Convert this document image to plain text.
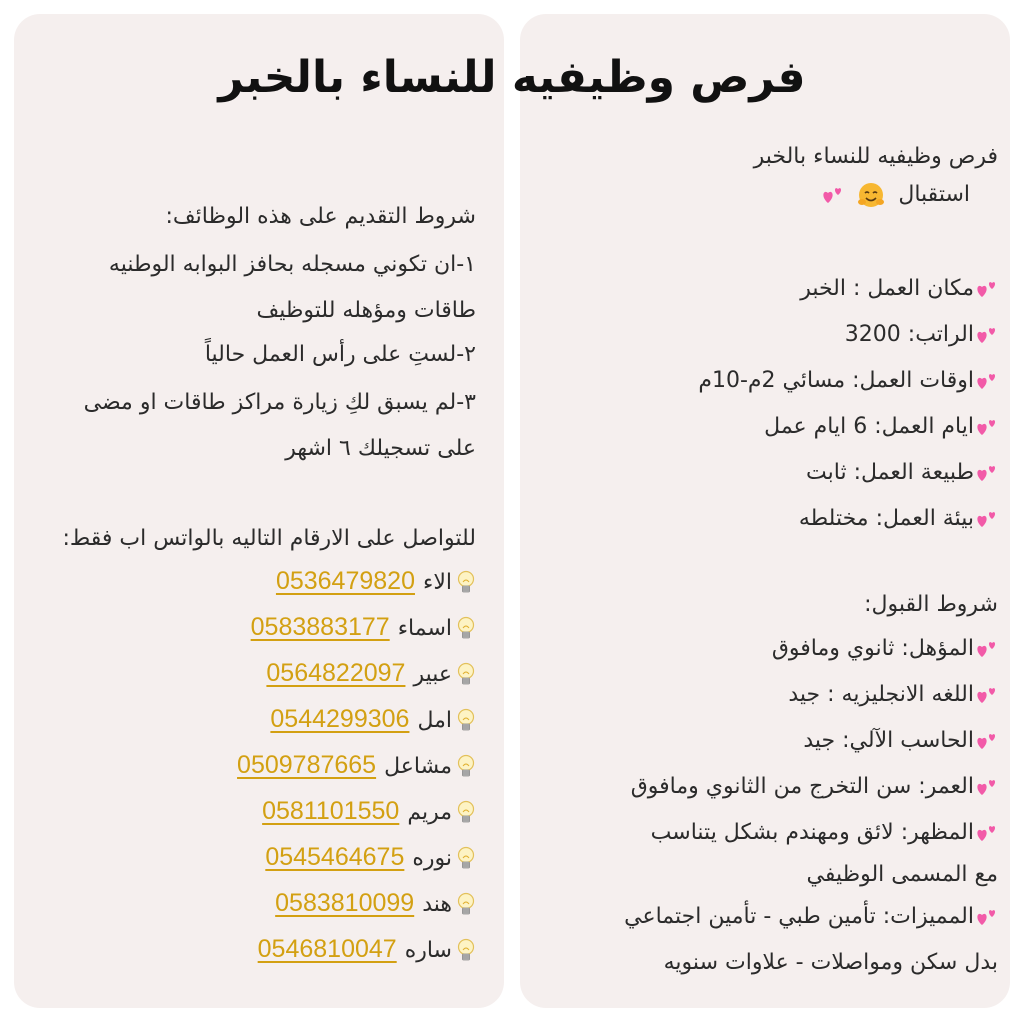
فرص وظيفيه للنساء بالخبر
فرص وظيفيه للنساء بالخبر
استقبال
مكان العمل : الخبر
الراتب: 3200
اوقات العمل: مسائي 2م-10م
ايام العمل: 6 ايام عمل
طبيعة العمل: ثابت
بيئة العمل: مختلطه
شروط القبول:
المؤهل: ثانوي ومافوق
اللغه الانجليزيه : جيد
الحاسب الآلي: جيد
العمر: سن التخرج من الثانوي ومافوق
المظهر: لائق ومهندم بشكل يتناسب
مع المسمى الوظيفي
المميزات: تأمين طبي - تأمين اجتماعي
بدل سكن ومواصلات - علاوات سنويه
شروط التقديم على هذه الوظائف:
١-ان تكوني مسجله بحافز البوابه الوطنيه
طاقات ومؤهله للتوظيف
٢-لستِ على رأس العمل حالياً
٣-لم يسبق لكِ زيارة مراكز طاقات او مضى
على تسجيلك ٦ اشهر
للتواصل على الارقام التاليه بالواتس اب فقط:
الاء0536479820
اسماء0583883177
عبير0564822097
امل0544299306
مشاعل0509787665
مريم0581101550
نوره0545464675
هند0583810099
ساره0546810047
